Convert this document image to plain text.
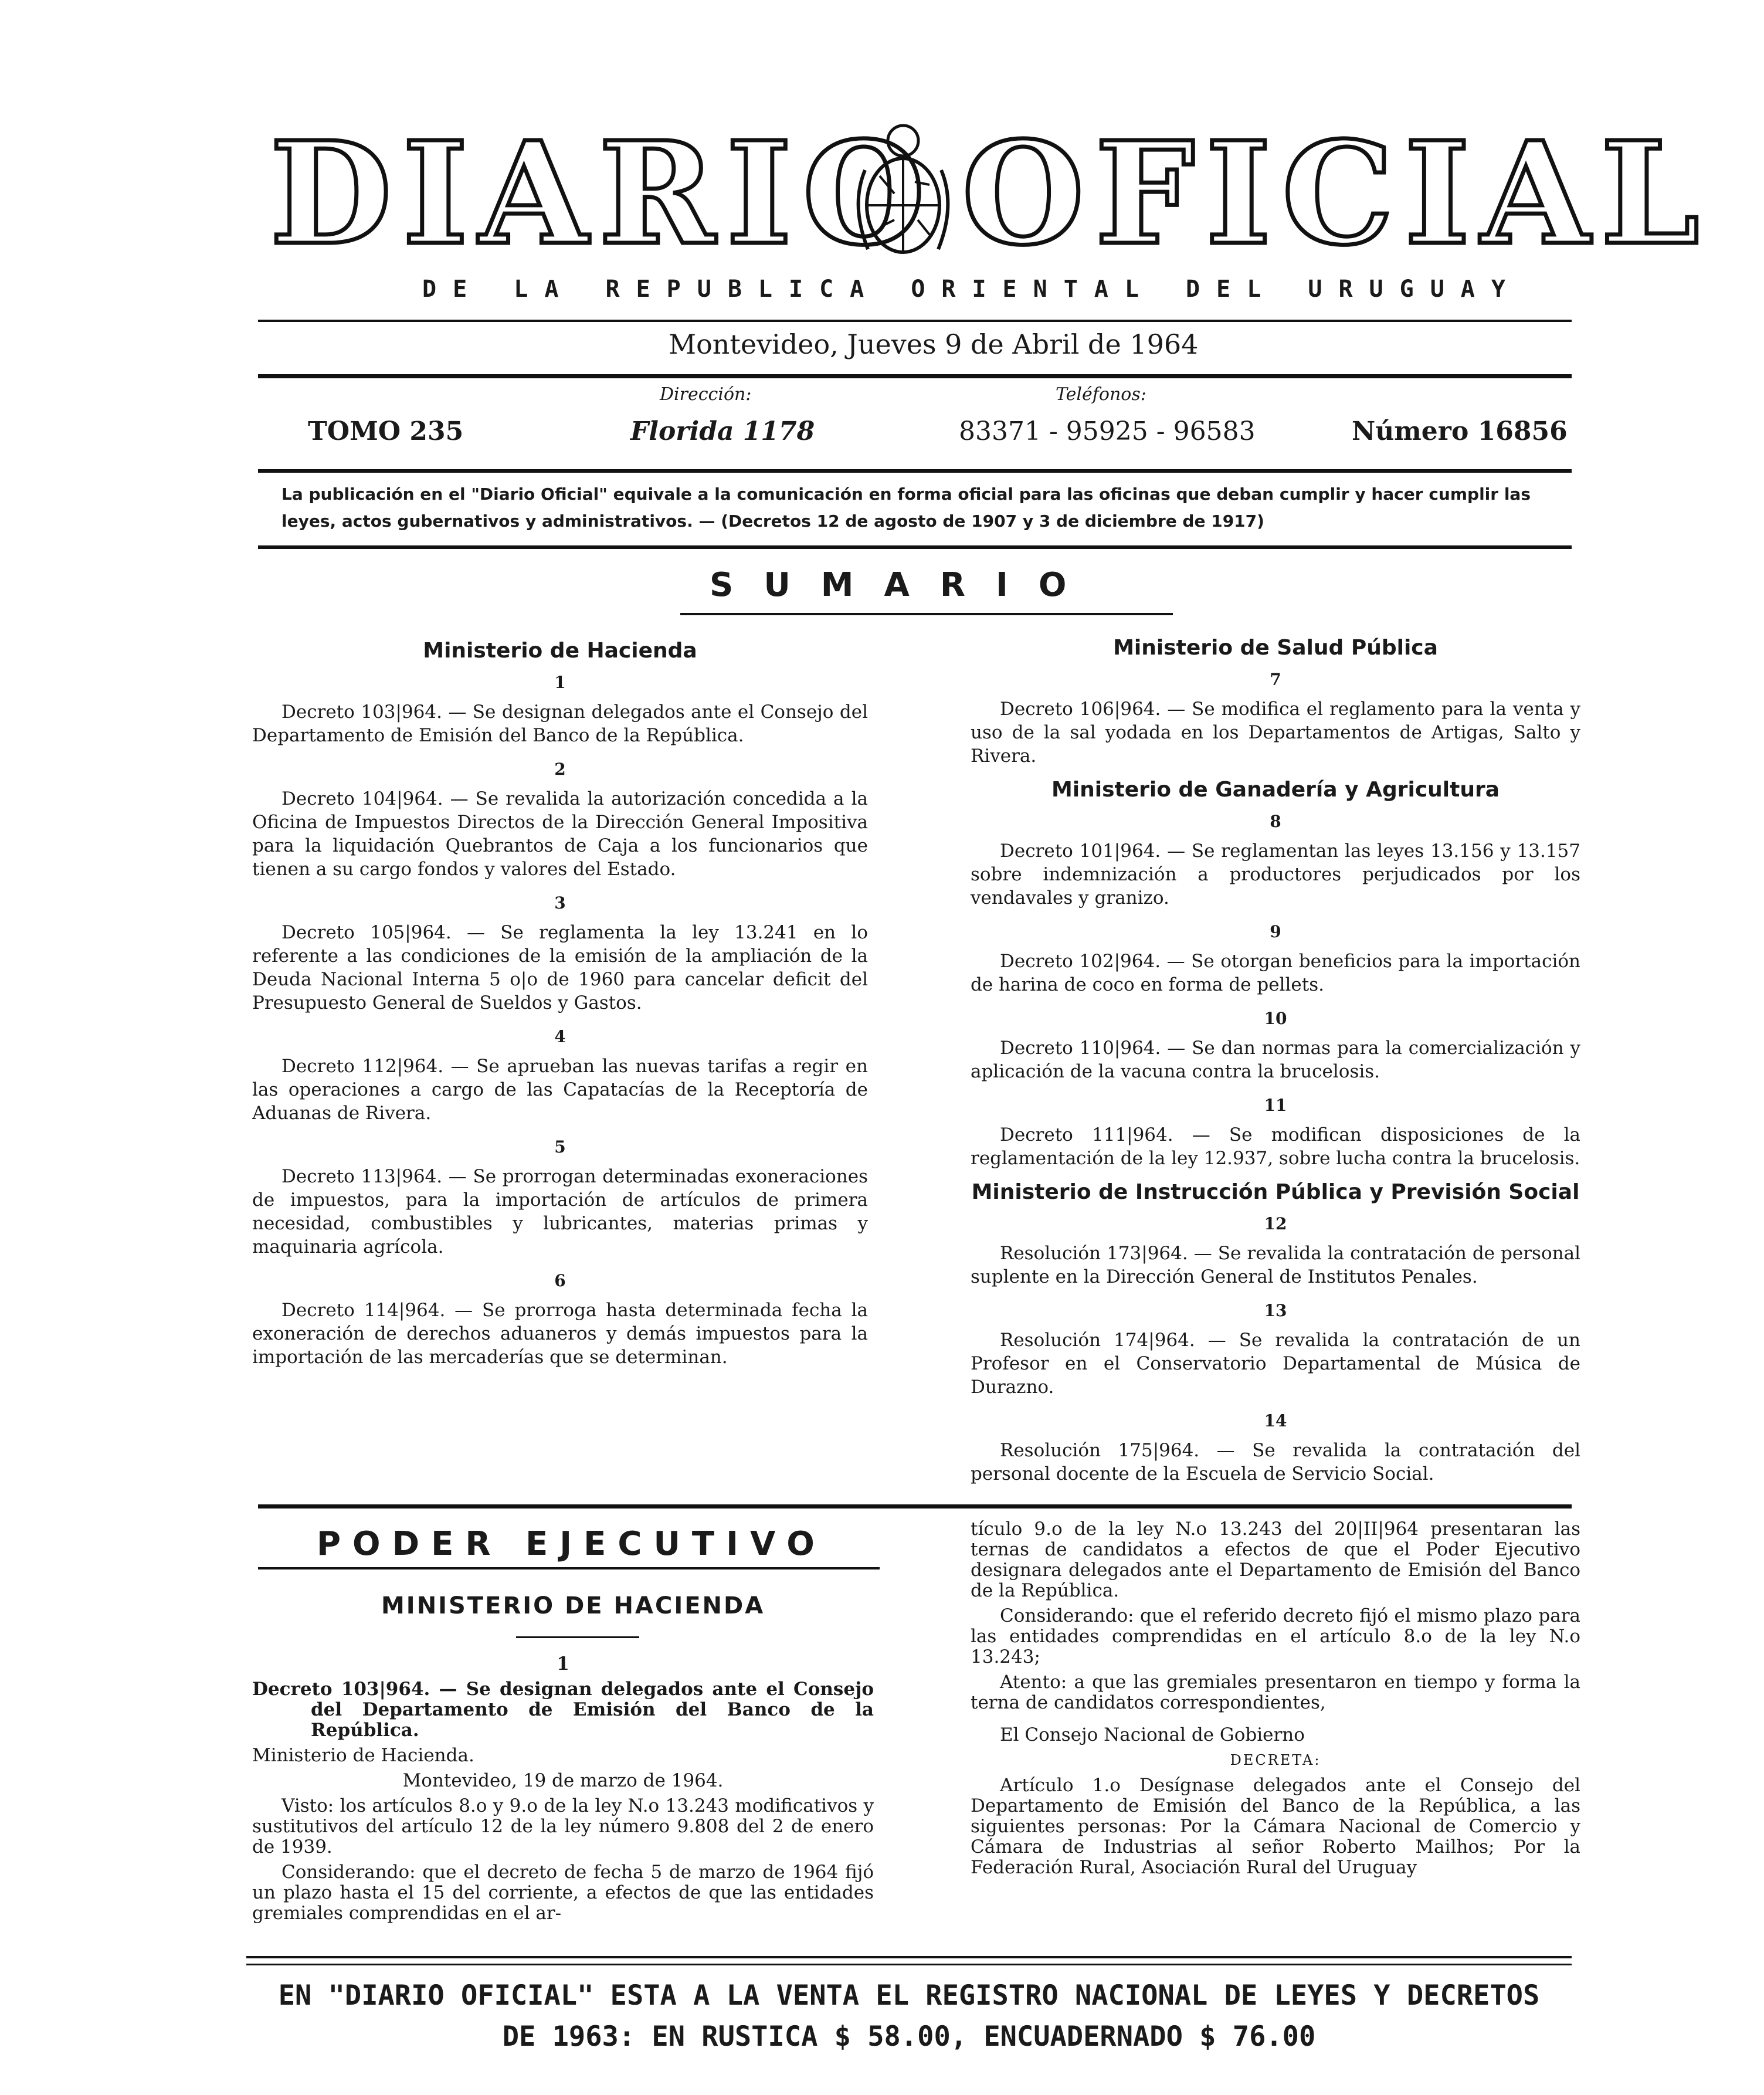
DIARIO OFICIAL
DE LA REPUBLICA ORIENTAL DEL URUGUAY
Montevideo, Jueves 9 de Abril de 1964
Dirección:	Teléfonos:
TOMO 235	Florida 1178	83371 - 95925 - 96583	Número 16856
La publicación en el "Diario Oficial" equivale a la comunicación en forma oficial para las oficinas que deban cumplir y hacer cumplir las leyes, actos gubernativos y administrativos. — (Decretos 12 de agosto de 1907 y 3 de diciembre de 1917)
SUMARIO
Ministerio de Hacienda
1
Decreto 103|964. — Se designan delegados ante el Consejo del Departamento de Emisión del Banco de la República.
2
Decreto 104|964. — Se revalida la autorización concedida a la Oficina de Impuestos Directos de la Dirección General Impositiva para la liquidación Quebrantos de Caja a los funcionarios que tienen a su cargo fondos y valores del Estado.
3
Decreto 105|964. — Se reglamenta la ley 13.241 en lo referente a las condiciones de la emisión de la ampliación de la Deuda Nacional Interna 5 o|o de 1960 para cancelar deficit del Presupuesto General de Sueldos y Gastos.
4
Decreto 112|964. — Se aprueban las nuevas tarifas a regir en las operaciones a cargo de las Capatacías de la Receptoría de Aduanas de Rivera.
5
Decreto 113|964. — Se prorrogan determinadas exoneraciones de impuestos, para la importación de artículos de primera necesidad, combustibles y lubricantes, materias primas y maquinaria agrícola.
6
Decreto 114|964. — Se prorroga hasta determinada fecha la exoneración de derechos aduaneros y demás impuestos para la importación de las mercaderías que se determinan.
Ministerio de Salud Pública
7
Decreto 106|964. — Se modifica el reglamento para la venta y uso de la sal yodada en los Departamentos de Artigas, Salto y Rivera.
Ministerio de Ganadería y Agricultura
8
Decreto 101|964. — Se reglamentan las leyes 13.156 y 13.157 sobre indemnización a productores perjudicados por los vendavales y granizo.
9
Decreto 102|964. — Se otorgan beneficios para la importación de harina de coco en forma de pellets.
10
Decreto 110|964. — Se dan normas para la comercialización y aplicación de la vacuna contra la brucelosis.
11
Decreto 111|964. — Se modifican disposiciones de la reglamentación de la ley 12.937, sobre lucha contra la brucelosis.
Ministerio de Instrucción Pública y Previsión Social
12
Resolución 173|964. — Se revalida la contratación de personal suplente en la Dirección General de Institutos Penales.
13
Resolución 174|964. — Se revalida la contratación de un Profesor en el Conservatorio Departamental de Música de Durazno.
14
Resolución 175|964. — Se revalida la contratación del personal docente de la Escuela de Servicio Social.
PODER EJECUTIVO
MINISTERIO DE HACIENDA

1

Decreto 103|964. — Se designan delegados ante el Consejo del Departamento de Emisión del Banco de la República.

Ministerio de Hacienda.

Montevideo, 19 de marzo de 1964.

Visto: los artículos 8.o y 9.o de la ley N.o 13.243 modificativos y sustitutivos del artículo 12 de la ley número 9.808 del 2 de enero de 1939.

Considerando: que el decreto de fecha 5 de marzo de 1964 fijó un plazo hasta el 15 del corriente, a efectos de que las entidades gremiales comprendidas en el ar-

tículo 9.o de la ley N.o 13.243 del 20|II|964 presentaran las ternas de candidatos a efectos de que el Poder Ejecutivo designara delegados ante el Departamento de Emisión del Banco de la República.

Considerando: que el referido decreto fijó el mismo plazo para las entidades comprendidas en el artículo 8.o de la ley N.o 13.243;

Atento: a que las gremiales presentaron en tiempo y forma la terna de candidatos correspondientes,

El Consejo Nacional de Gobierno

DECRETA:

Artículo 1.o Desígnase delegados ante el Consejo del Departamento de Emisión del Banco de la República, a las siguientes personas: Por la Cámara Nacional de Comercio y Cámara de Industrias al señor Roberto Mailhos; Por la Federación Rural, Asociación Rural del Uruguay

EN "DIARIO OFICIAL" ESTA A LA VENTA EL REGISTRO NACIONAL DE LEYES Y DECRETOS
DE 1963: EN RUSTICA $ 58.00, ENCUADERNADO $ 76.00
